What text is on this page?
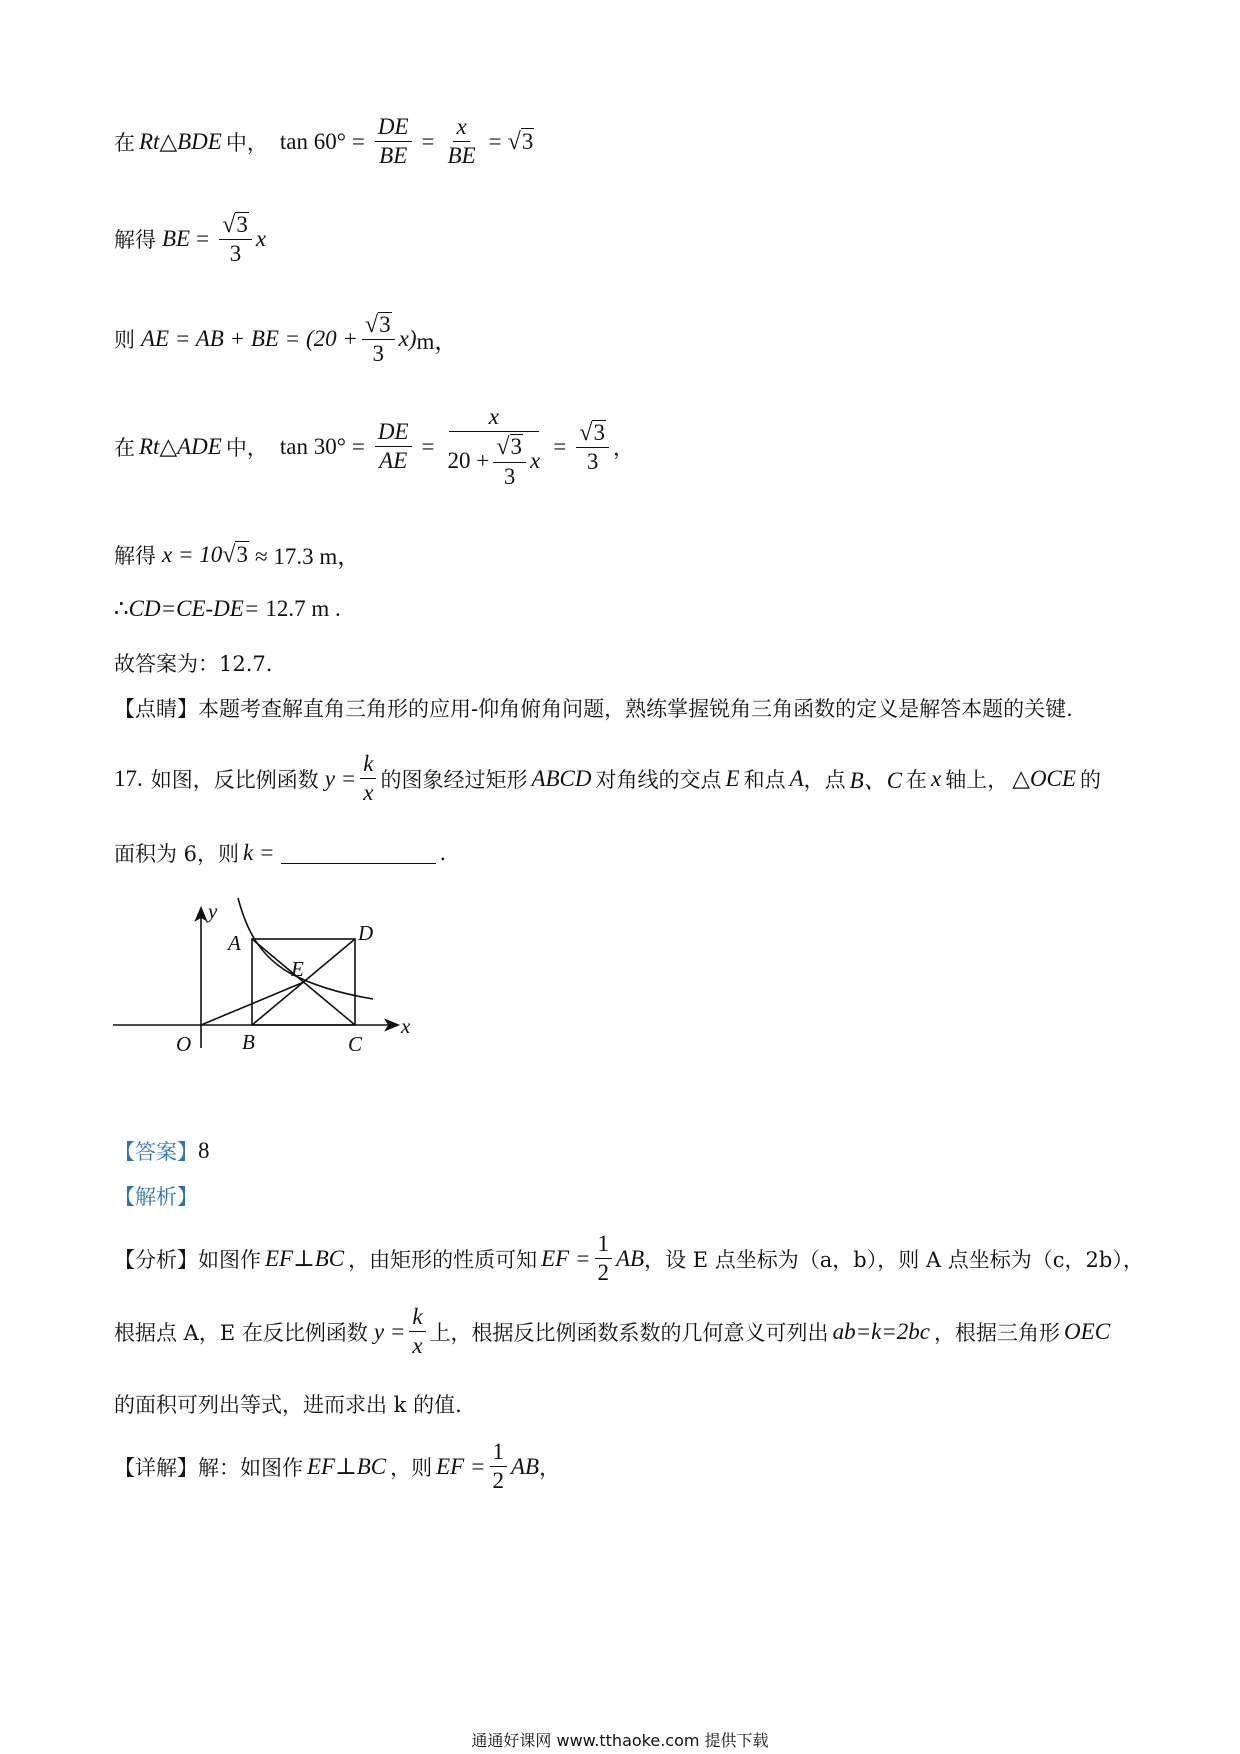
在 Rt△BDE 中， $\tan 60^\circ = \frac{DE}{BE} = \frac{x}{BE}$ = √ 3
解得 BE = $\frac{√ 3}{3}$ x
则 AE = AB + BE = $(20 + \frac{√ 3}{3} x)$ m，
在 Rt△ADE 中， $\tan 30^\circ = \frac{DE}{AE} = \frac{x}{20 + \frac{√ 3}{3} x} = \frac{√ 3}{3}$ ，
解得 x = 10 √ 3 ≈ 17.3 m，
∴ CD=CE-DE= 12.7 m .
故答案为：12.7.
【点睛】本题考查解直角三角形的应用-仰角俯角问题，熟练掌握锐角三角函数的定义是解答本题的关键.
17. 如图，反比例函数 $y = \frac{k}{x}$ 的图象经过矩形 ABCD 对角线的交点 E 和点 A ，点 B、C 在 x 轴上， △OCE 的
面积为 6，则 k =	.
y
x
O
A
B	C
D
E
【答案】 8
【解析】
【分析】 如图作 EF⊥BC ，由矩形的性质可知 EF = $\frac{1}{2}$ AB ，设 E 点坐标为（a，b），则 A 点坐标为（c，2b），
根据点 A，E 在反比例函数 $y = \frac{k}{x}$ 上，根据反比例函数系数的几何意义可列出 ab=k=2bc ，根据三角形 OEC
的面积可列出等式，进而求出 k 的值.
【详解】 解：如图作 EF⊥BC ，则 EF = $\frac{1}{2}$ AB ，
通通好课网 www.tthaoke.com 提供下载
